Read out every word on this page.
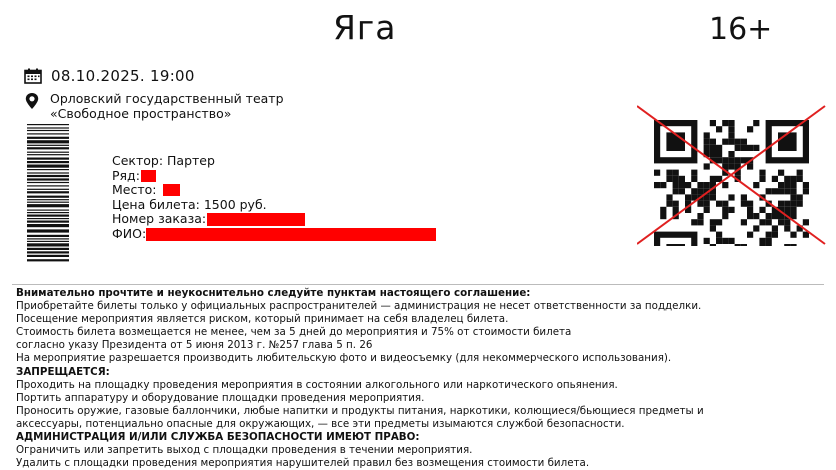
Яга	16+
08.10.2025. 19:00
Орловский государственный театр
«Свободное пространство»
Сектор: Партер
Ряд:
Место:
Цена билета: 1500 руб.
Номер заказа:
ФИО:
Внимательно прочтите и неукоснительно следуйте пунктам настоящего соглашение:
Приобретайте билеты только у официальных распространителей — администрация не несет ответственности за подделки.
Посещение мероприятия является риском, который принимает на себя владелец билета.
Стоимость билета возмещается не менее, чем за 5 дней до мероприятия и 75% от стоимости билета
согласно указу Президента от 5 июня 2013 г. №257 глава 5 п. 26
На мероприятие разрешается производить любительскую фото и видеосъемку (для некоммерческого использования).
ЗАПРЕЩАЕТСЯ:
Проходить на площадку проведения мероприятия в состоянии алкогольного или наркотического опьянения.
Портить аппаратуру и оборудование площадки проведения мероприятия.
Проносить оружие, газовые баллончики, любые напитки и продукты питания, наркотики, колющиеся/бьющиеся предметы и
аксессуары, потенциально опасные для окружающих, — все эти предметы изымаются службой безопасности.
АДМИНИСТРАЦИЯ И/ИЛИ СЛУЖБА БЕЗОПАСНОСТИ ИМЕЮТ ПРАВО:
Ограничить или запретить выход с площадки проведения в течении мероприятия.
Удалить с площадки проведения мероприятия нарушителей правил без возмещения стоимости билета.
